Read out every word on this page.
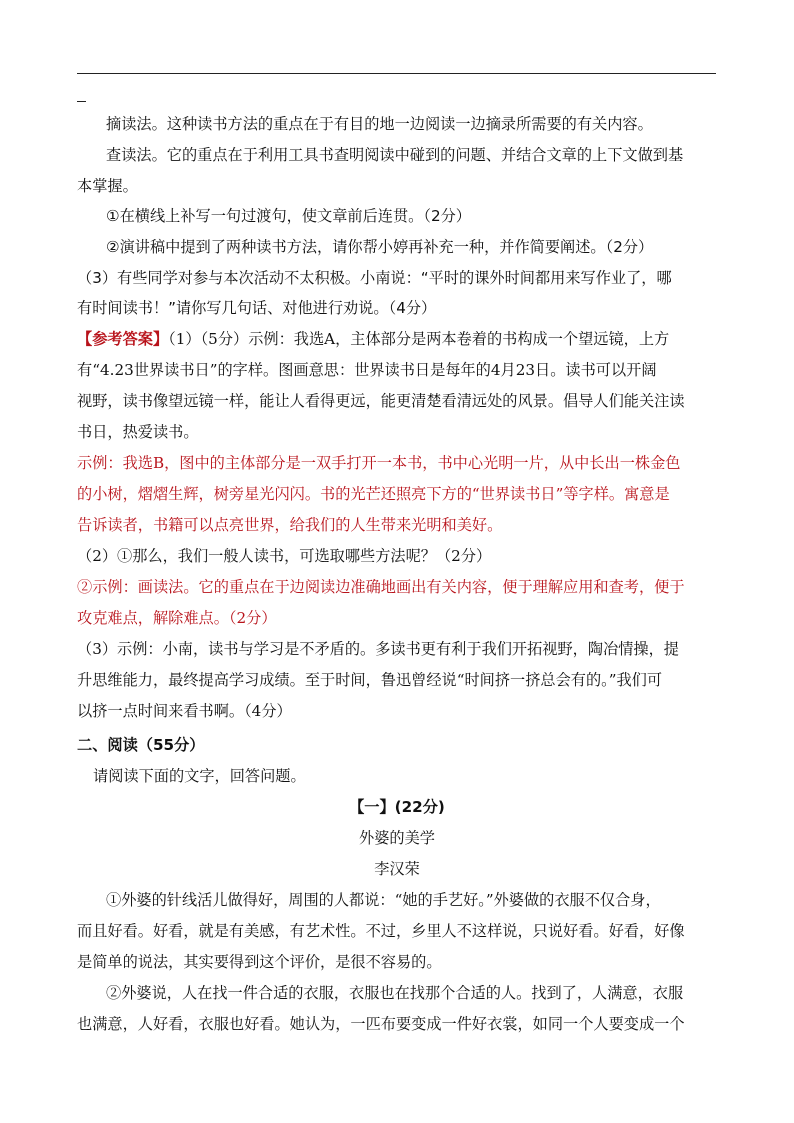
摘读法。这种读书方法的重点在于有目的地一边阅读一边摘录所需要的有关内容。
查读法。它的重点在于利用工具书查明阅读中碰到的问题、并结合文章的上下文做到基
本掌握。
①在横线上补写一句过渡句，使文章前后连贯。（2分）
②演讲稿中提到了两种读书方法，请你帮小婷再补充一种，并作简要阐述。（2分）
（3）有些同学对参与本次活动不太积极。小南说：“平时的课外时间都用来写作业了，哪
有时间读书！”请你写几句话、对他进行劝说。（4分）
【参考答案】（1）（5分）示例：我选A，主体部分是两本卷着的书构成一个望远镜，上方
有“4.23世界读书日”的字样。图画意思：世界读书日是每年的4月23日。读书可以开阔
视野，读书像望远镜一样，能让人看得更远，能更清楚看清远处的风景。倡导人们能关注读
书日，热爱读书。
示例：我选B，图中的主体部分是一双手打开一本书，书中心光明一片，从中长出一株金色
的小树，熠熠生辉，树旁星光闪闪。书的光芒还照亮下方的“世界读书日”等字样。寓意是
告诉读者，书籍可以点亮世界，给我们的人生带来光明和美好。
（2）①那么，我们一般人读书，可选取哪些方法呢？（2分）
②示例：画读法。它的重点在于边阅读边准确地画出有关内容，便于理解应用和查考，便于
攻克难点，解除难点。（2分）
（3）示例：小南，读书与学习是不矛盾的。多读书更有利于我们开拓视野，陶冶情操，提
升思维能力，最终提高学习成绩。至于时间，鲁迅曾经说“时间挤一挤总会有的。”我们可
以挤一点时间来看书啊。（4分）
二、阅读（55分）
请阅读下面的文字，回答问题。
【一】(22分)
外婆的美学
李汉荣
①外婆的针线活儿做得好，周围的人都说：“她的手艺好。”外婆做的衣服不仅合身，
而且好看。好看，就是有美感，有艺术性。不过，乡里人不这样说，只说好看。好看，好像
是简单的说法，其实要得到这个评价，是很不容易的。
②外婆说，人在找一件合适的衣服，衣服也在找那个合适的人。找到了，人满意，衣服
也满意，人好看，衣服也好看。她认为，一匹布要变成一件好衣裳，如同一个人要变成一个
